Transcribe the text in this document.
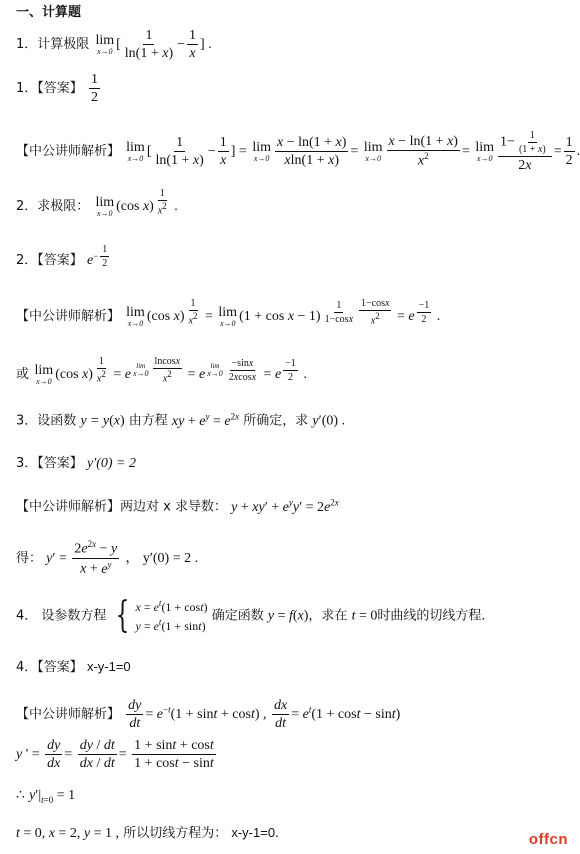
一、计算题
1．计算极限 lim
x→0 [ $\frac{1}{\ln(1 + x)} - \frac{1}{x}$ ] .
1．【答案】 $\frac{1}{2}$
【中公讲师解析】 lim
x→0 [ $\frac{1}{\ln(1 + x)} - \frac{1}{x}$ ] = lim
$x\to 0 \frac{x - \ln(1 + x)}{xln(1 + x)} = \lim$
$x\to 0 \frac{x - \ln(1 + x)}{x^2} = \lim$
$x\to 0 \frac{1- \frac{1}{(1 + x)}}{2x} = \frac{1}{2}$ .
2．求极限： lim
x→0 (cos x) $^{\frac{1}{x^2}}$ .
2．【答案】 $e^{- \frac{1}{2}}$
【中公讲师解析】 lim
x→0 (cos x) $^{\frac{1}{x^2}}$ = lim
x→0 (1 + cos x − 1) $^{\frac{1}{1-\cos x} \frac{1-\cos x}{x^2}}$ = e $^{\frac{-1}{2}}$ .
或 lim
x→0 (cos x) $^{\frac{1}{x^2}}$ = e
$^{lim x\to 0 \frac{lncosx}{x^2}}$ = e
$^{lim x\to 0 \frac{-\sin x}{2xcosx}}$ = e $^{\frac{-1}{2}}$ .
3．设函数 y = y(x) 由方程 xy + $e^y = e^{2x}$ 所确定，求 y′(0) .
3．【答案】 y′(0) = 2
【中公讲师解析】两边对 x 求导数： $y + xy' + e^yy' = 2e^{2x}$
得： $y' = \frac{2e^{2x} - y}{x + e^y}$ ， y′(0) = 2 .
4． 设参数方程 { $x = e^t(1 + \cos t)$
$y = e^t(1 + \sin t)$
确定函数 y = f(x)，求在 t = 0时曲线的切线方程．
4．【答案】 x-y-1=0
【中公讲师解析】 $\frac{dy}{dt} = e^{-t}(1 + \sin t + \cos t)$ , $\frac{dx}{dt} = e^t(1 + \cos t - \sin t)$
y ' = $\frac{dy}{dx} = \frac{dy / dt}{dx / dt} = \frac{1 + \sin t + \cos t}{1 + \cos t - \sin t}$
∴ $y'|_{t=0} = 1$
t = 0, x = 2, y = 1 , 所以切线方程为： x-y-1=0.	offcn
